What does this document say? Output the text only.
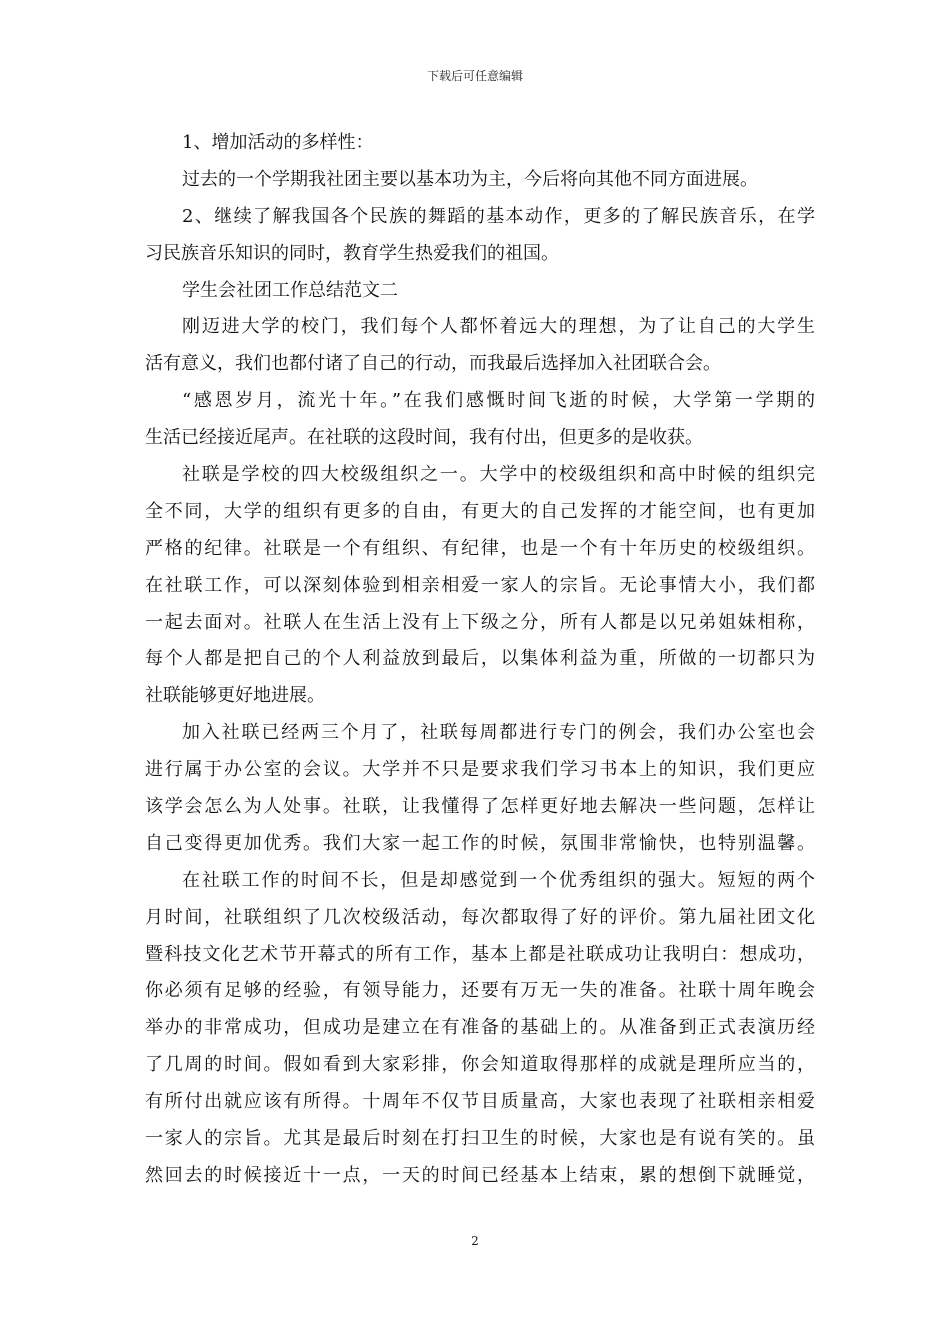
下载后可任意编辑
1、增加活动的多样性：
过去的一个学期我社团主要以基本功为主，今后将向其他不同方面进展。
2、继续了解我国各个民族的舞蹈的基本动作，更多的了解民族音乐，在学
习民族音乐知识的同时，教育学生热爱我们的祖国。
学生会社团工作总结范文二
刚迈进大学的校门，我们每个人都怀着远大的理想，为了让自己的大学生
活有意义，我们也都付诸了自己的行动，而我最后选择加入社团联合会。
“感恩岁月，流光十年。”在我们感慨时间飞逝的时候，大学第一学期的
生活已经接近尾声。在社联的这段时间，我有付出，但更多的是收获。
社联是学校的四大校级组织之一。大学中的校级组织和高中时候的组织完
全不同，大学的组织有更多的自由，有更大的自己发挥的才能空间，也有更加
严格的纪律。社联是一个有组织、有纪律，也是一个有十年历史的校级组织。
在社联工作，可以深刻体验到相亲相爱一家人的宗旨。无论事情大小，我们都
一起去面对。社联人在生活上没有上下级之分，所有人都是以兄弟姐妹相称，
每个人都是把自己的个人利益放到最后，以集体利益为重，所做的一切都只为
社联能够更好地进展。
加入社联已经两三个月了，社联每周都进行专门的例会，我们办公室也会
进行属于办公室的会议。大学并不只是要求我们学习书本上的知识，我们更应
该学会怎么为人处事。社联，让我懂得了怎样更好地去解决一些问题，怎样让
自己变得更加优秀。我们大家一起工作的时候，氛围非常愉快，也特别温馨。
在社联工作的时间不长，但是却感觉到一个优秀组织的强大。短短的两个
月时间，社联组织了几次校级活动，每次都取得了好的评价。第九届社团文化
暨科技文化艺术节开幕式的所有工作，基本上都是社联成功让我明白：想成功，
你必须有足够的经验，有领导能力，还要有万无一失的准备。社联十周年晚会
举办的非常成功，但成功是建立在有准备的基础上的。从准备到正式表演历经
了几周的时间。假如看到大家彩排，你会知道取得那样的成就是理所应当的，
有所付出就应该有所得。十周年不仅节目质量高，大家也表现了社联相亲相爱
一家人的宗旨。尤其是最后时刻在打扫卫生的时候，大家也是有说有笑的。虽
然回去的时候接近十一点，一天的时间已经基本上结束，累的想倒下就睡觉，
2
